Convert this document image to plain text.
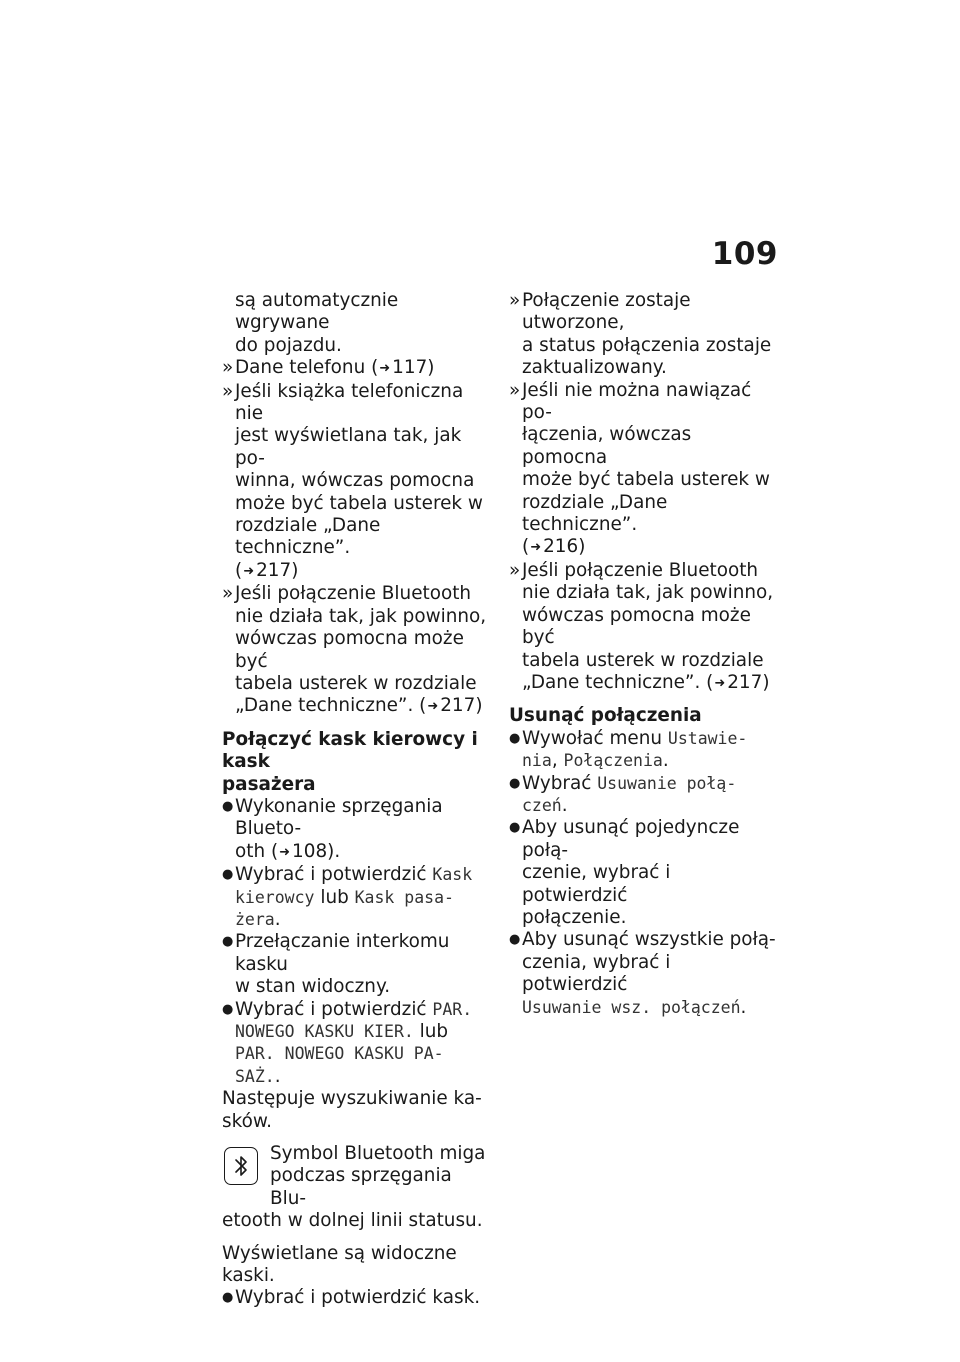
109
są automatycznie wgrywane
do pojazdu.
» Dane telefonu (➜ 117)
» Jeśli książka telefoniczna nie
jest wyświetlana tak, jak po-
winna, wówczas pomocna
może być tabela usterek w
rozdziale „Dane techniczne”.
(➜ 217)
» Jeśli połączenie Bluetooth
nie działa tak, jak powinno,
wówczas pomocna może być
tabela usterek w rozdziale
„Dane techniczne”. (➜ 217)
Połączyć kask kierowcy i kask
pasażera
● Wykonanie sprzęgania Blueto-
oth (➜ 108).
● Wybrać i potwierdzić Kask
kierowcy lub Kask pasa-
żera.
● Przełączanie interkomu kasku
w stan widoczny.
● Wybrać i potwierdzić PAR.
NOWEGO KASKU KIER. lub
PAR. NOWEGO KASKU PA-
SAŻ..
Następuje wyszukiwanie ka-
sków.
Symbol Bluetooth miga
podczas sprzęgania Blu-
etooth w dolnej linii statusu.
Wyświetlane są widoczne kaski.
● Wybrać i potwierdzić kask.
» Połączenie zostaje utworzone,
a status połączenia zostaje
zaktualizowany.
» Jeśli nie można nawiązać po-
łączenia, wówczas pomocna
może być tabela usterek w
rozdziale „Dane techniczne”.
(➜ 216)
» Jeśli połączenie Bluetooth
nie działa tak, jak powinno,
wówczas pomocna może być
tabela usterek w rozdziale
„Dane techniczne”. (➜ 217)
Usunąć połączenia
● Wywołać menu Ustawie-
nia, Połączenia.
● Wybrać Usuwanie połą-
czeń.
● Aby usunąć pojedyncze połą-
czenie, wybrać i potwierdzić
połączenie.
● Aby usunąć wszystkie połą-
czenia, wybrać i potwierdzić
Usuwanie wsz. połączeń.
